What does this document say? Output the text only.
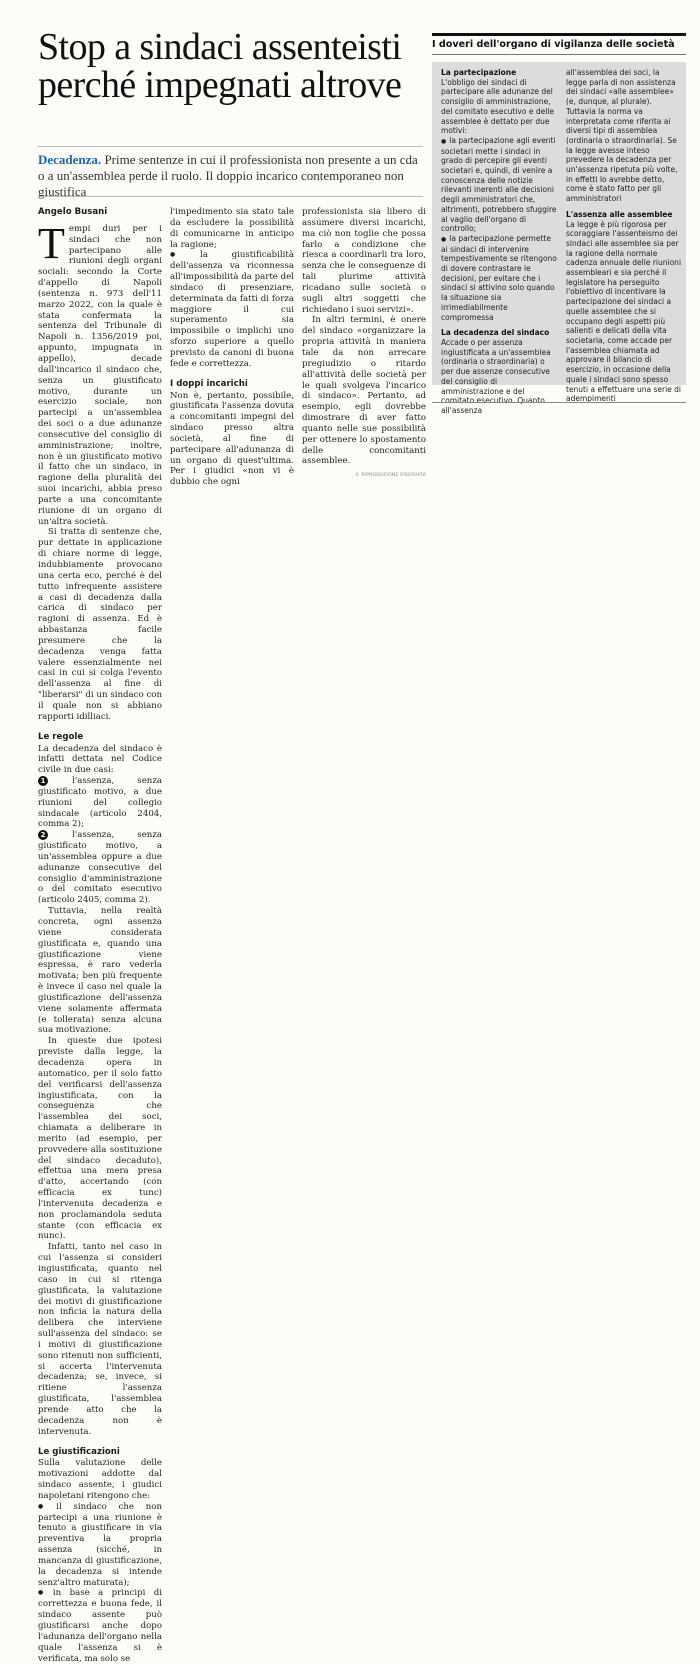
Stop a sindaci assenteisti
perché impegnati altrove
Decadenza. Prime sentenze in cui il professionista non presente a un cda o a un'assemblea perde il ruolo. Il doppio incarico contemporaneo non giustifica
Angelo Busani

Tempi duri per i sindaci che non partecipano alle riunioni degli organi sociali: secondo la Corte d'appello di Napoli (sentenza n. 973 dell'11 marzo 2022, con la quale è stata confermata la sentenza del Tribunale di Napoli n. 1356/2019 poi, appunto, impugnata in appello), decade dall'incarico il sindaco che, senza un giustificato motivo, durante un esercizio sociale, non partecipi a un'assemblea dei soci o a due adunanze consecutive del consiglio di amministrazione; inoltre, non è un giustificato motivo il fatto che un sindaco, in ragione della pluralità dei suoi incarichi, abbia preso parte a una concomitante riunione di un organo di un'altra società.

Si tratta di sentenze che, pur dettate in applicazione di chiare norme di legge, indubbiamente provocano una certa eco, perché è del tutto infrequente assistere a casi di decadenza dalla carica di sindaco per ragioni di assenza. Ed è abbastanza facile presumere che la decadenza venga fatta valere essenzialmente nei casi in cui si colga l'evento dell'assenza al fine di "liberarsi" di un sindaco con il quale non si abbiano rapporti idilliaci.

Le regole

La decadenza del sindaco è infatti dettata nel Codice civile in due casi:

1	l'assenza, senza giustificato motivo, a due riunioni del collegio sindacale (articolo 2404, comma 2);

2	l'assenza, senza giustificato motivo, a un'assemblea oppure a due adunanze consecutive del consiglio d'amministrazione o del comitato esecutivo (articolo 2405, comma 2).

Tuttavia, nella realtà concreta, ogni assenza viene considerata giustificata e, quando una giustificazione viene espressa, è raro vederla motivata; ben più frequente è invece il caso nel quale la giustificazione dell'assenza viene solamente affermata (e tollerata) senza alcuna sua motivazione.

In queste due ipotesi previste dalla legge, la decadenza opera in automatico, per il solo fatto del verificarsi dell'assenza ingiustificata, con la conseguenza che l'assemblea dei soci, chiamata a deliberare in merito (ad esempio, per provvedere alla sostituzione del sindaco decaduto), effettua una mera presa d'atto, accertando (con efficacia ex tunc) l'intervenuta decadenza e non proclamandola seduta stante (con efficacia ex nunc).

Infatti, tanto nel caso in cui l'assenza si consideri ingiustificata, quanto nel caso in cui si ritenga giustificata, la valutazione dei motivi di giustificazione non inficia la natura della delibera che interviene sull'assenza del sindaco: se i motivi di giustificazione sono ritenuti non sufficienti, si accerta l'intervenuta decadenza; se, invece, si ritiene l'assenza giustificata, l'assemblea prende atto che la decadenza non è intervenuta.

Le giustificazioni

Sulla valutazione delle motivazioni addotte dal sindaco assente, i giudici napoletani ritengono che:

● il sindaco che non partecipi a una riunione è tenuto a giustificare in via preventiva la propria assenza (sicché, in mancanza di giustificazione, la decadenza si intende senz'altro maturata);

● in base a principi di correttezza e buona fede, il sindaco assente può giustificarsi anche dopo l'adunanza dell'organo nella quale l'assenza si è verificata, ma solo se

l'impedimento sia stato tale da escludere la possibilità di comunicarne in anticipo la ragione;

● la giustificabilità dell'assenza va riconnessa all'impossibilità da parte del sindaco di presenziare, determinata da fatti di forza maggiore il cui superamento sia impossibile o implichi uno sforzo superiore a quello previsto da canoni di buona fede e correttezza.

I doppi incarichi

Non è, pertanto, possibile, giustificata l'assenza dovuta a concomitanti impegni del sindaco presso altra società, al fine di partecipare all'adunanza di un organo di quest'ultima. Per i giudici «non vi è dubbio che ogni

professionista sia libero di assumere diversi incarichi, ma ciò non toglie che possa farlo a condizione che riesca a coordinarli tra loro, senza che le conseguenze di tali plurime attività ricadano sulle società o sugli altri soggetti che richiedano i suoi servizi».

In altri termini, è onere del sindaco «organizzare la propria attività in maniera tale da non arrecare pregiudizio o ritardo all'attività delle società per le quali svolgeva l'incarico di sindaco». Pertanto, ad esempio, egli dovrebbe dimostrare di aver fatto quanto nelle sue possibilità per ottenere lo spostamento delle concomitanti assemblee.

© RIPRODUZIONE RISERVATA
I doveri dell'organo di vigilanza delle società
La partecipazione
L'obbligo dei sindaci di partecipare alle adunanze del consiglio di amministrazione, del comitato esecutivo e delle assemblee è dettato per due motivi:
● la partecipazione agli eventi societari mette i sindaci in grado di percepire gli eventi societari e, quindi, di venire a conoscenza delle notizie rilevanti inerenti alle decisioni degli amministratori che, altrimenti, potrebbero sfuggire al vaglio dell'organo di controllo;
● la partecipazione permette ai sindaci di intervenire tempestivamente se ritengono di dovere contrastare le decisioni, per evitare che i sindaci si attivino solo quando la situazione sia irrimediabilmente compromessa
La decadenza del sindaco
Accade o per assenza ingiustificata a un'assemblea (ordinaria o straordinaria) o per due assenze consecutive del consiglio di amministrazione e del comitato esecutivo. Quanto all'assenza
all'assemblea dei soci, la legge parla di non assistenza dei sindaci «alle assemblee» (e, dunque, al plurale). Tuttavia la norma va interpretata come riferita ai diversi tipi di assemblea (ordinaria o straordinaria). Se la legge avesse inteso prevedere la decadenza per un'assenza ripetuta più volte, in effetti lo avrebbe detto, come è stato fatto per gli amministratori
L'assenza alle assemblee
La legge è più rigorosa per scoraggiare l'assenteismo dei sindaci alle assemblee sia per la ragione della normale cadenza annuale delle riunioni assembleari e sia perché il legislatore ha perseguito l'obiettivo di incentivare la partecipazione dei sindaci a quelle assemblee che si occupano degli aspetti più salienti e delicati della vita societaria, come accade per l'assemblea chiamata ad approvare il bilancio di esercizio, in occasione della quale i sindaci sono spesso tenuti a effettuare una serie di adempimenti
